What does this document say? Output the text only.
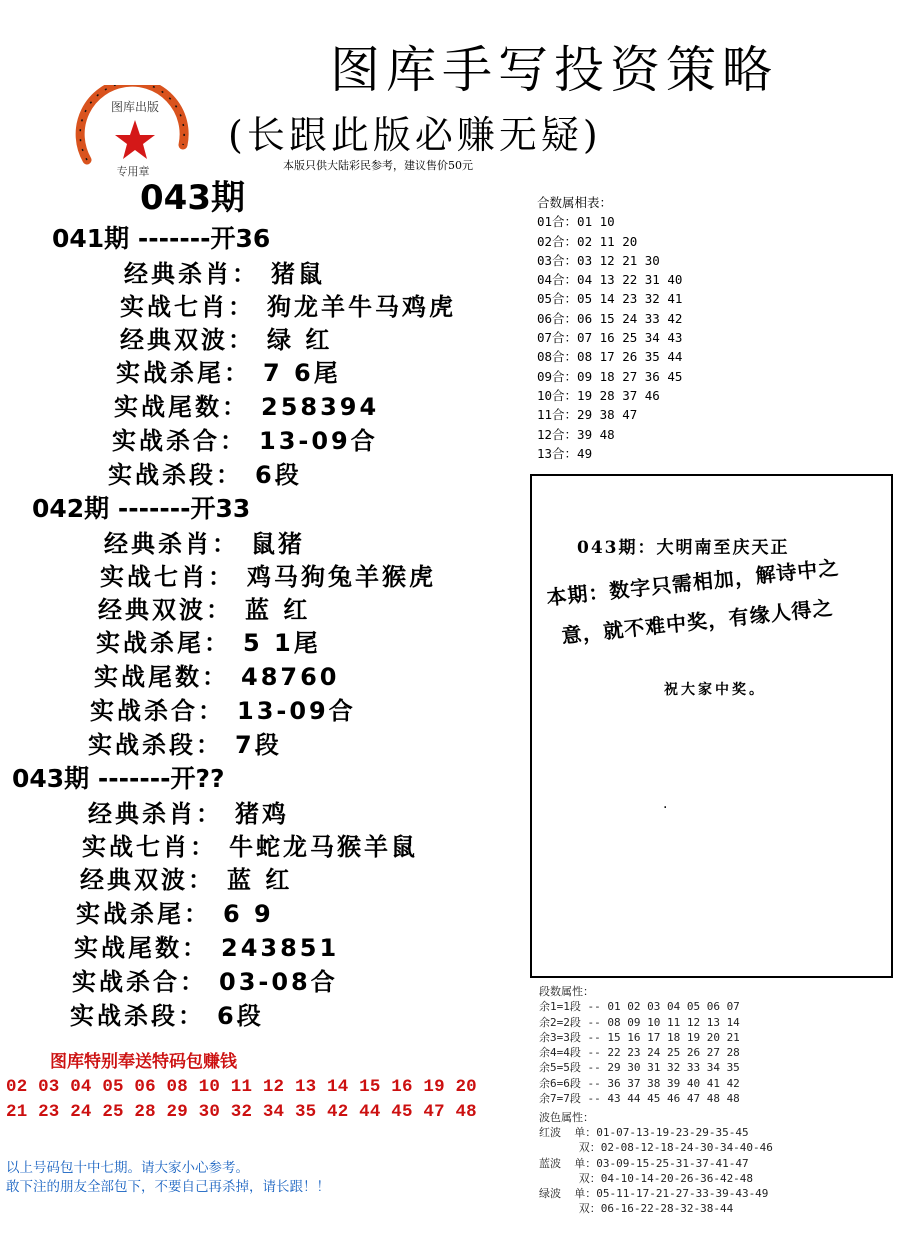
图库手写投资策略
(长跟此版必赚无疑)
本版只供大陆彩民参考，建议售价50元
图库出版
专用章
043期
041期 -------开36
经典杀肖： 猪鼠
实战七肖： 狗龙羊牛马鸡虎
经典双波： 绿 红
实战杀尾： 7 6尾
实战尾数： 258394
实战杀合： 13-09合
实战杀段： 6段
042期 -------开33
经典杀肖： 鼠猪
实战七肖： 鸡马狗兔羊猴虎
经典双波： 蓝 红
实战杀尾： 5 1尾
实战尾数： 48760
实战杀合： 13-09合
实战杀段： 7段
043期 -------开??
经典杀肖： 猪鸡
实战七肖： 牛蛇龙马猴羊鼠
经典双波： 蓝 红
实战杀尾： 6 9
实战尾数： 243851
实战杀合： 03-08合
实战杀段： 6段
合数属相表：
01合：01 10
02合：02 11 20
03合：03 12 21 30
04合：04 13 22 31 40
05合：05 14 23 32 41
06合：06 15 24 33 42
07合：07 16 25 34 43
08合：08 17 26 35 44
09合：09 18 27 36 45
10合：19 28 37 46
11合：29 38 47
12合：39 48
13合：49
043期：大明南至庆天正
本期：数字只需相加，解诗中之
意，就不难中奖，有缘人得之
祝大家中奖。
.
段数属性：
余1=1段 -- 01 02 03 04 05 06 07
余2=2段 -- 08 09 10 11 12 13 14
余3=3段 -- 15 16 17 18 19 20 21
余4=4段 -- 22 23 24 25 26 27 28
余5=5段 -- 29 30 31 32 33 34 35
余6=6段 -- 36 37 38 39 40 41 42
余7=7段 -- 43 44 45 46 47 48 48
波色属性：
红波  单：01-07-13-19-23-29-35-45
双：02-08-12-18-24-30-34-40-46
蓝波  单：03-09-15-25-31-37-41-47
双：04-10-14-20-26-36-42-48
绿波  单：05-11-17-21-27-33-39-43-49
双：06-16-22-28-32-38-44
图库特别奉送特码包赚钱
02 03 04 05 06 08 10 11 12 13 14 15 16 19 20
21 23 24 25 28 29 30 32 34 35 42 44 45 47 48
以上号码包十中七期。请大家小心参考。
敢下注的朋友全部包下，不要自己再杀掉，请长跟！！
